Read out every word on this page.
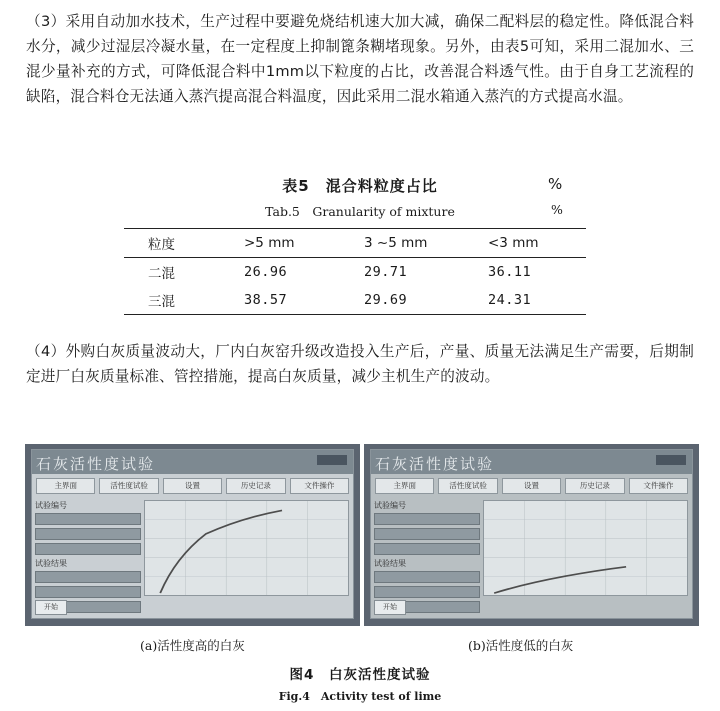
（3）采用自动加水技术，生产过程中要避免烧结机速大加大减，确保二配料层的稳定性。降低混合料水分，减少过湿层冷凝水量，在一定程度上抑制篦条糊堵现象。另外，由表5可知，采用二混加水、三混少量补充的方式，可降低混合料中1mm以下粒度的占比，改善混合料透气性。由于自身工艺流程的缺陷，混合料仓无法通入蒸汽提高混合料温度，因此采用二混水箱通入蒸汽的方式提高水温。

表5　混合料粒度占比	%
Tab.5　Granularity of mixture	%
粒度	>5 mm	3 ~5 mm	<3 mm
二混	26.96	29.71	36.11
三混	38.57	29.69	24.31

（4）外购白灰质量波动大，厂内白灰窑升级改造投入生产后，产量、质量无法满足生产需要，后期制定进厂白灰质量标准、管控措施，提高白灰质量，减少主机生产的波动。

石灰活性度试验

主界面	活性度试验	设置	历史记录	文件操作
试验编号
试验结果
开始
石灰活性度试验

主界面	活性度试验	设置	历史记录	文件操作
试验编号
试验结果
开始
(a)活性度高的白灰	(b)活性度低的白灰
图4　白灰活性度试验
Fig.4　Activity test of lime
